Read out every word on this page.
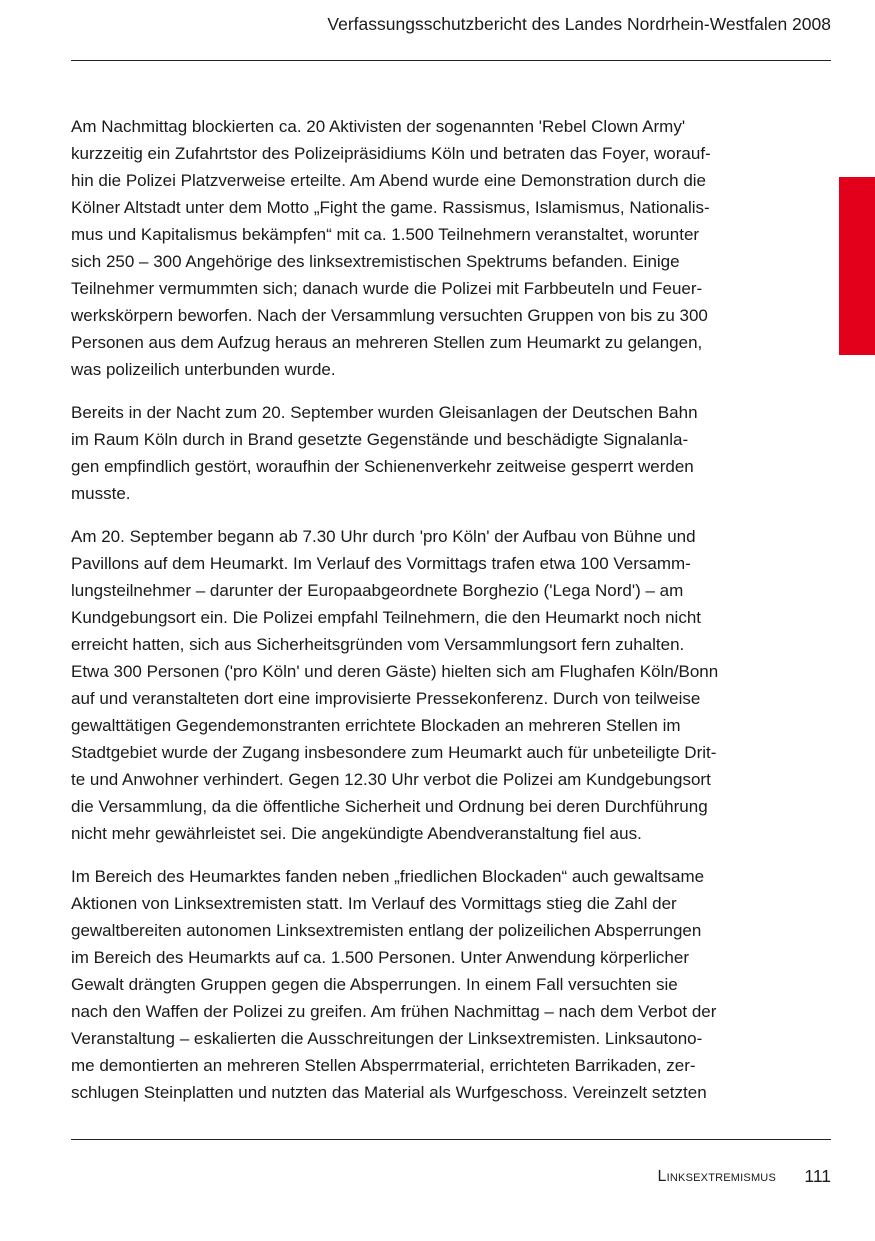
Verfassungsschutzbericht des Landes Nordrhein-Westfalen 2008

Am Nachmittag blockierten ca. 20 Aktivisten der sogenannten 'Rebel Clown Army'
kurzzeitig ein Zufahrtstor des Polizeipräsidiums Köln und betraten das Foyer, worauf-
hin die Polizei Platzverweise erteilte. Am Abend wurde eine Demonstration durch die
Kölner Altstadt unter dem Motto „Fight the game. Rassismus, Islamismus, Nationalis-
mus und Kapitalismus bekämpfen“ mit ca. 1.500 Teilnehmern veranstaltet, worunter
sich 250 – 300 Angehörige des linksextremistischen Spektrums befanden. Einige
Teilnehmer vermummten sich; danach wurde die Polizei mit Farbbeuteln und Feuer-
werkskörpern beworfen. Nach der Versammlung versuchten Gruppen von bis zu 300
Personen aus dem Aufzug heraus an mehreren Stellen zum Heumarkt zu gelangen,
was polizeilich unterbunden wurde.

Bereits in der Nacht zum 20. September wurden Gleisanlagen der Deutschen Bahn
im Raum Köln durch in Brand gesetzte Gegenstände und beschädigte Signalanla-
gen empfindlich gestört, woraufhin der Schienenverkehr zeitweise gesperrt werden
musste.

Am 20. September begann ab 7.30 Uhr durch 'pro Köln' der Aufbau von Bühne und
Pavillons auf dem Heumarkt. Im Verlauf des Vormittags trafen etwa 100 Versamm-
lungsteilnehmer – darunter der Europaabgeordnete Borghezio ('Lega Nord') – am
Kundgebungsort ein. Die Polizei empfahl Teilnehmern, die den Heumarkt noch nicht
erreicht hatten, sich aus Sicherheitsgründen vom Versammlungsort fern zuhalten.
Etwa 300 Personen ('pro Köln' und deren Gäste) hielten sich am Flughafen Köln/Bonn
auf und veranstalteten dort eine improvisierte Pressekonferenz. Durch von teilweise
gewalttätigen Gegendemonstranten errichtete Blockaden an mehreren Stellen im
Stadtgebiet wurde der Zugang insbesondere zum Heumarkt auch für unbeteiligte Drit-
te und Anwohner verhindert. Gegen 12.30 Uhr verbot die Polizei am Kundgebungsort
die Versammlung, da die öffentliche Sicherheit und Ordnung bei deren Durchführung
nicht mehr gewährleistet sei. Die angekündigte Abendveranstaltung fiel aus.

Im Bereich des Heumarktes fanden neben „friedlichen Blockaden“ auch gewaltsame
Aktionen von Linksextremisten statt. Im Verlauf des Vormittags stieg die Zahl der
gewaltbereiten autonomen Linksextremisten entlang der polizeilichen Absperrungen
im Bereich des Heumarkts auf ca. 1.500 Personen. Unter Anwendung körperlicher
Gewalt drängten Gruppen gegen die Absperrungen. In einem Fall versuchten sie
nach den Waffen der Polizei zu greifen. Am frühen Nachmittag – nach dem Verbot der
Veranstaltung – eskalierten die Ausschreitungen der Linksextremisten. Linksautono-
me demontierten an mehreren Stellen Absperrmaterial, errichteten Barrikaden, zer-
schlugen Steinplatten und nutzten das Material als Wurfgeschoss. Vereinzelt setzten

Linksextremismus 111
